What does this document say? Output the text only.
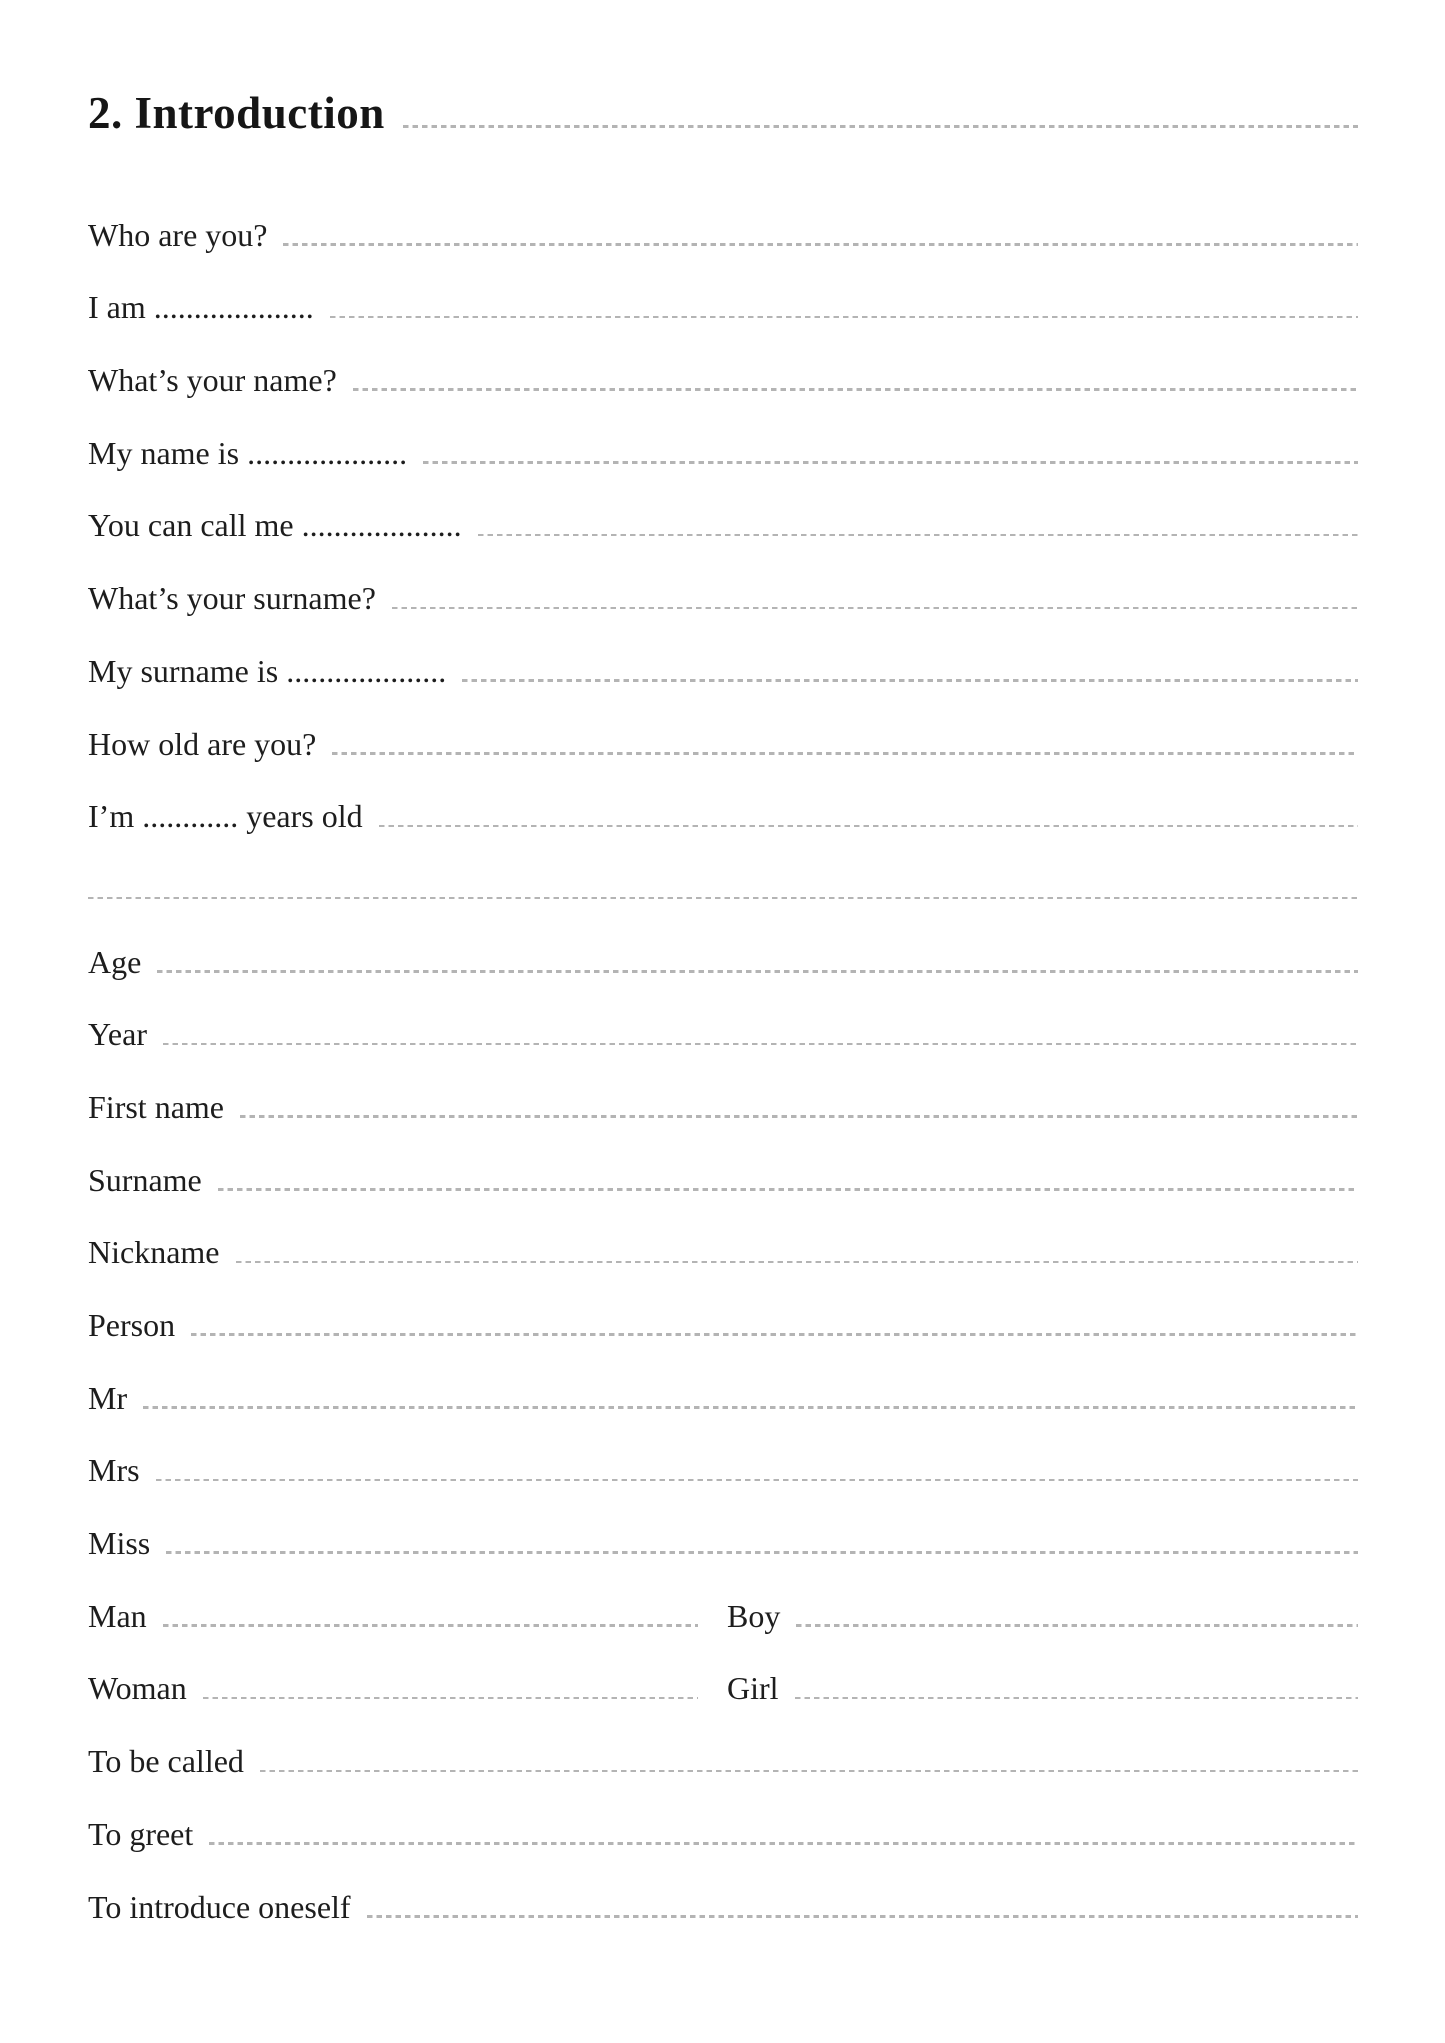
2. Introduction
Who are you?
I am ....................
What’s your name?
My name is ....................
You can call me ....................
What’s your surname?
My surname is ....................
How old are you?
I’m ............ years old
Age
Year
First name
Surname
Nickname
Person
Mr
Mrs
Miss
Man	Boy
Woman	Girl
To be called
To greet
To introduce oneself
